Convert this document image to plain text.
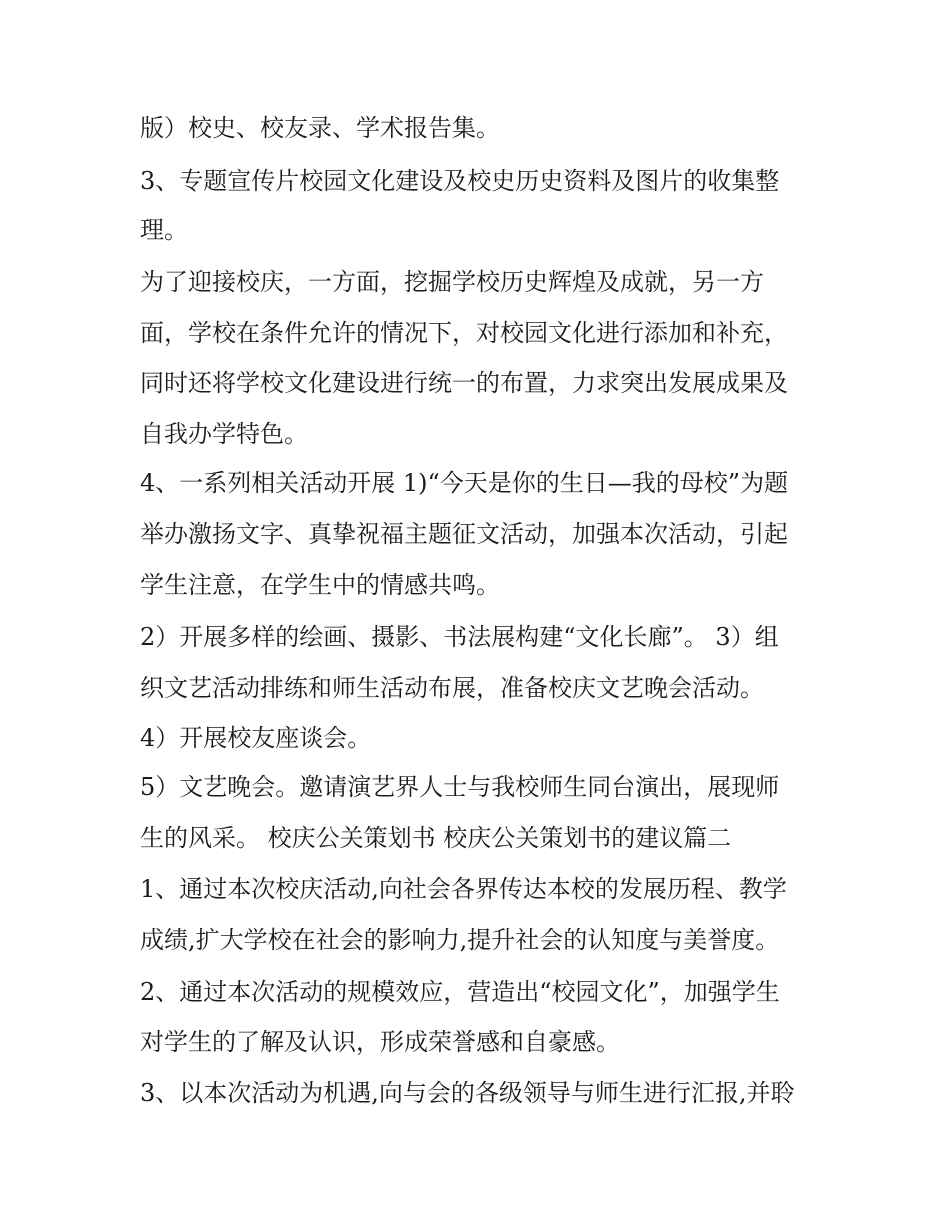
版）校史、校友录、学术报告集。
3、专题宣传片校园文化建设及校史历史资料及图片的收集整
理。
为了迎接校庆，一方面，挖掘学校历史辉煌及成就，另一方
面，学校在条件允许的情况下，对校园文化进行添加和补充，
同时还将学校文化建设进行统一的布置，力求突出发展成果及
自我办学特色。
4、一系列相关活动开展 1)“今天是你的生日—我的母校”为题
举办激扬文字、真挚祝福主题征文活动，加强本次活动，引起
学生注意，在学生中的情感共鸣。
2）开展多样的绘画、摄影、书法展构建“文化长廊”。 3）组
织文艺活动排练和师生活动布展，准备校庆文艺晚会活动。
4）开展校友座谈会。
5）文艺晚会。邀请演艺界人士与我校师生同台演出，展现师
生的风采。 校庆公关策划书 校庆公关策划书的建议篇二
1、通过本次校庆活动,向社会各界传达本校的发展历程、教学
成绩,扩大学校在社会的影响力,提升社会的认知度与美誉度。
2、通过本次活动的规模效应，营造出“校园文化”，加强学生
对学生的了解及认识，形成荣誉感和自豪感。
3、以本次活动为机遇,向与会的各级领导与师生进行汇报,并聆
